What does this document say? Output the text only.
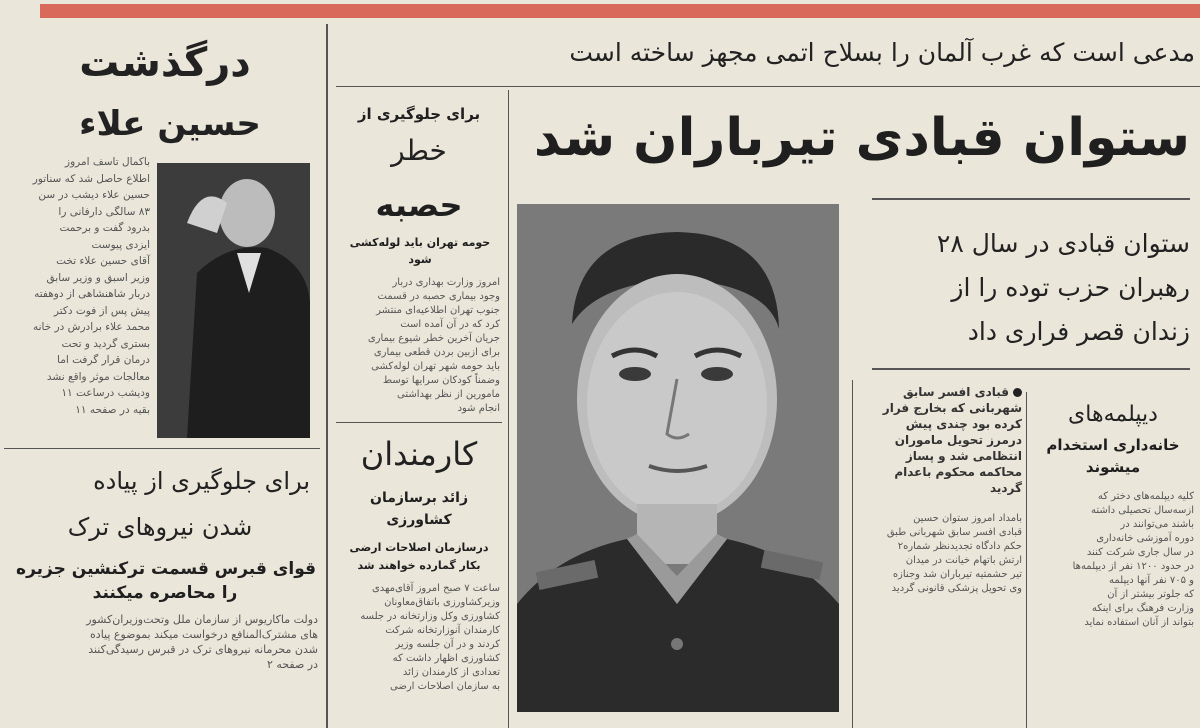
مدعی است که غرب آلمان را بسلاح اتمی مجهز ساخته است
ستوان قبادی تیرباران شد
ستوان قبادی در سال ۲۸
رهبران حزب توده را از
زندان قصر فراری داد
قبادی افسر سابق
شهربانی که بخارج فرار
کرده بود چندی پیش
درمرز تحویل ماموران
انتظامی شد و پساز
محاکمه محکوم باعدام
گردید
بامداد امروز ستوان حسین
قبادی افسر سابق شهربانی طبق
حکم دادگاه تجدیدنظر شماره۲
ارتش باتهام خیانت در میدان
تیر حشمتیه تیرباران شد وجنازه
وی تحویل پزشکی قانونی گردید
دیپلمه‌های
خانه‌داری استخدام
میشوند
کلیه دیپلمه‌های دختر که
ازسه‌سال تحصیلی داشته
باشند می‌توانند در
دوره آموزشی خانه‌داری
در سال جاری شرکت کنند
در حدود ۱۲۰۰ نفر از دیپلمه‌ها
و ۷۰۵ نفر آنها دیپلمه
که جلوتر بیشتر از آن
وزارت فرهنگ برای اینکه
بتواند از آنان استفاده نماید
درگذشت
حسین علاء
باکمال تاسف امروز
اطلاع حاصل شد که سناتور
حسین علاء دیشب در سن
۸۳ سالگی دارفانی را
بدرود گفت و برحمت
ایزدی پیوست
آقای حسین علاء تخت
وزیر اسبق و وزیر سابق
دربار شاهنشاهی از دوهفته
پیش پس از فوت دکتر
محمد علاء برادرش در خانه
بستری گردید و تحت
درمان قرار گرفت اما
معالجات موثر واقع نشد
ودیشب درساعت ۱۱
بقیه در صفحه ۱۱
برای جلوگیری از پیاده
شدن نیروهای ترک
قوای قبرس قسمت ترکنشین جزیره
را محاصره میکنند
دولت ماکاریوس از سازمان ملل وتحت‌وزیران‌کشور
های مشترک‌المنافع درخواست میکند بموضوع پیاده
شدن محرمانه نیروهای ترک در قبرس رسیدگی‌کنند
در صفحه ۲
برای جلوگیری از
خطر
حصبه
حومه تهران باید لوله‌کشی شود
امروز وزارت بهداری دربار
وجود بیماری حصبه در قسمت
جنوب تهران اطلاعیه‌ای منتشر
کرد که در آن آمده است
جریان آخرین خطر شیوع بیماری
برای ازبین بردن قطعی بیماری
باید حومه شهر تهران لوله‌کشی
وضمناً کودکان سرایها توسط
مامورین از نظر بهداشتی
انجام شود
کارمندان
زائد برسازمان
کشاورزی
درسازمان اصلاحات ارضی
بکار گمارده خواهند شد
ساعت ۷ صبح امروز آقای‌مهدی
وزیرکشاورزی باتفاق‌معاونان
کشاورزی وکل وزارتخانه در جلسه
کارمندان آنوزارتخانه شرکت
کردند و در آن جلسه وزیر
کشاورزی اظهار داشت که
تعدادی از کارمندان زائد
به سازمان اصلاحات ارضی
